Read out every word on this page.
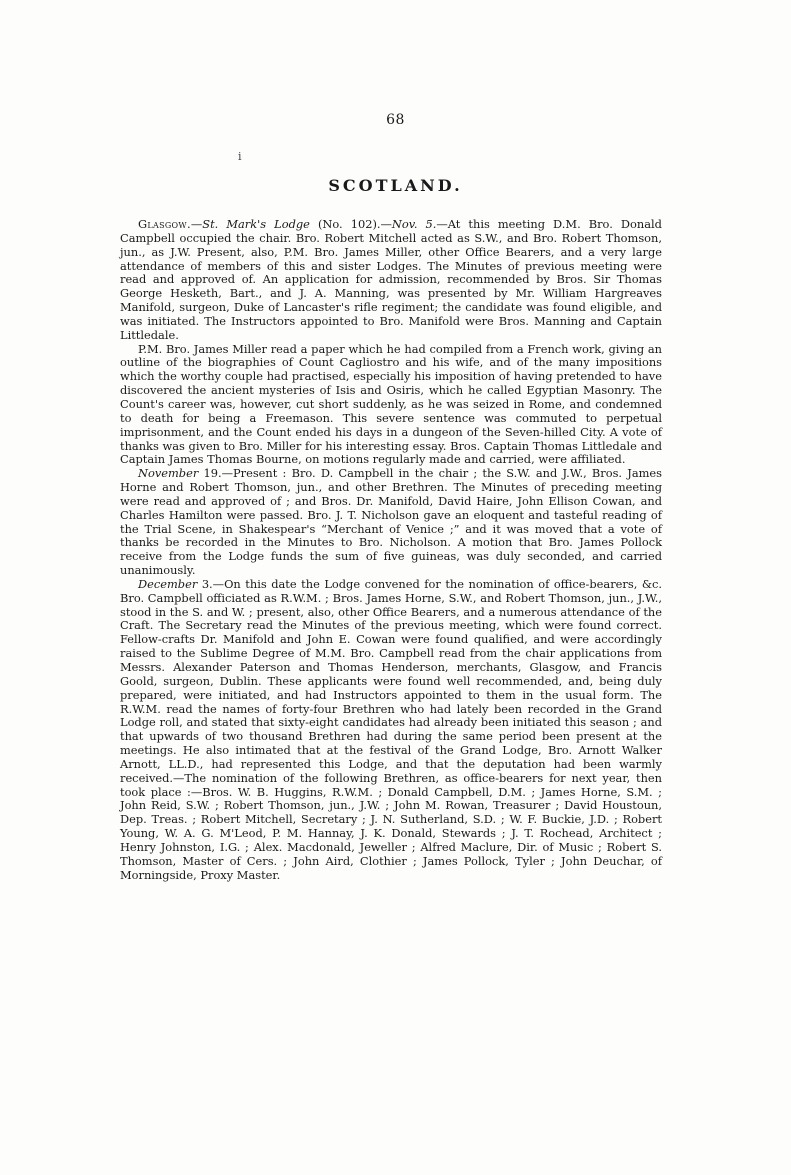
68
i
SCOTLAND.

Glasgow.—St. Mark's Lodge (No. 102).—Nov. 5.—At this meeting D.M. Bro. Donald Campbell occupied the chair. Bro. Robert Mitchell acted as S.W., and Bro. Robert Thomson, jun., as J.W. Present, also, P.M. Bro. James Miller, other Office Bearers, and a very large attendance of members of this and sister Lodges. The Minutes of previous meeting were read and approved of. An application for admission, recommended by Bros. Sir Thomas George Hesketh, Bart., and J. A. Manning, was presented by Mr. William Hargreaves Manifold, surgeon, Duke of Lancaster's rifle regiment; the candidate was found eligible, and was initiated. The Instructors appointed to Bro. Manifold were Bros. Manning and Captain Littledale.

P.M. Bro. James Miller read a paper which he had compiled from a French work, giving an outline of the biographies of Count Cagliostro and his wife, and of the many impositions which the worthy couple had practised, especially his imposition of having pretended to have discovered the ancient mysteries of Isis and Osiris, which he called Egyptian Masonry. The Count's career was, however, cut short suddenly, as he was seized in Rome, and condemned to death for being a Freemason. This severe sentence was commuted to perpetual imprisonment, and the Count ended his days in a dungeon of the Seven-hilled City. A vote of thanks was given to Bro. Miller for his interesting essay. Bros. Captain Thomas Littledale and Captain James Thomas Bourne, on motions regularly made and carried, were affiliated.

November 19.—Present : Bro. D. Campbell in the chair ; the S.W. and J.W., Bros. James Horne and Robert Thomson, jun., and other Brethren. The Minutes of preceding meeting were read and approved of ; and Bros. Dr. Manifold, David Haire, John Ellison Cowan, and Charles Hamilton were passed. Bro. J. T. Nicholson gave an eloquent and tasteful reading of the Trial Scene, in Shakespear's “Merchant of Venice ;” and it was moved that a vote of thanks be recorded in the Minutes to Bro. Nicholson. A motion that Bro. James Pollock receive from the Lodge funds the sum of five guineas, was duly seconded, and carried unanimously.

December 3.—On this date the Lodge convened for the nomination of office-bearers, &c. Bro. Campbell officiated as R.W.M. ; Bros. James Horne, S.W., and Robert Thomson, jun., J.W., stood in the S. and W. ; present, also, other Office Bearers, and a numerous attendance of the Craft. The Secretary read the Minutes of the previous meeting, which were found correct. Fellow-crafts Dr. Manifold and John E. Cowan were found qualified, and were accordingly raised to the Sublime Degree of M.M. Bro. Campbell read from the chair applications from Messrs. Alexander Paterson and Thomas Henderson, merchants, Glasgow, and Francis Goold, surgeon, Dublin. These applicants were found well recommended, and, being duly prepared, were initiated, and had Instructors appointed to them in the usual form. The R.W.M. read the names of forty-four Brethren who had lately been recorded in the Grand Lodge roll, and stated that sixty-eight candidates had already been initiated this season ; and that upwards of two thousand Brethren had during the same period been present at the meetings. He also intimated that at the festival of the Grand Lodge, Bro. Arnott Walker Arnott, LL.D., had represented this Lodge, and that the deputation had been warmly received.—The nomination of the following Brethren, as office-bearers for next year, then took place :—Bros. W. B. Huggins, R.W.M. ; Donald Campbell, D.M. ; James Horne, S.M. ; John Reid, S.W. ; Robert Thomson, jun., J.W. ; John M. Rowan, Treasurer ; David Houstoun, Dep. Treas. ; Robert Mitchell, Secretary ; J. N. Sutherland, S.D. ; W. F. Buckie, J.D. ; Robert Young, W. A. G. M'Leod, P. M. Hannay, J. K. Donald, Stewards ; J. T. Rochead, Architect ; Henry Johnston, I.G. ; Alex. Macdonald, Jeweller ; Alfred Maclure, Dir. of Music ; Robert S. Thomson, Master of Cers. ; John Aird, Clothier ; James Pollock, Tyler ; John Deuchar, of Morningside, Proxy Master.
